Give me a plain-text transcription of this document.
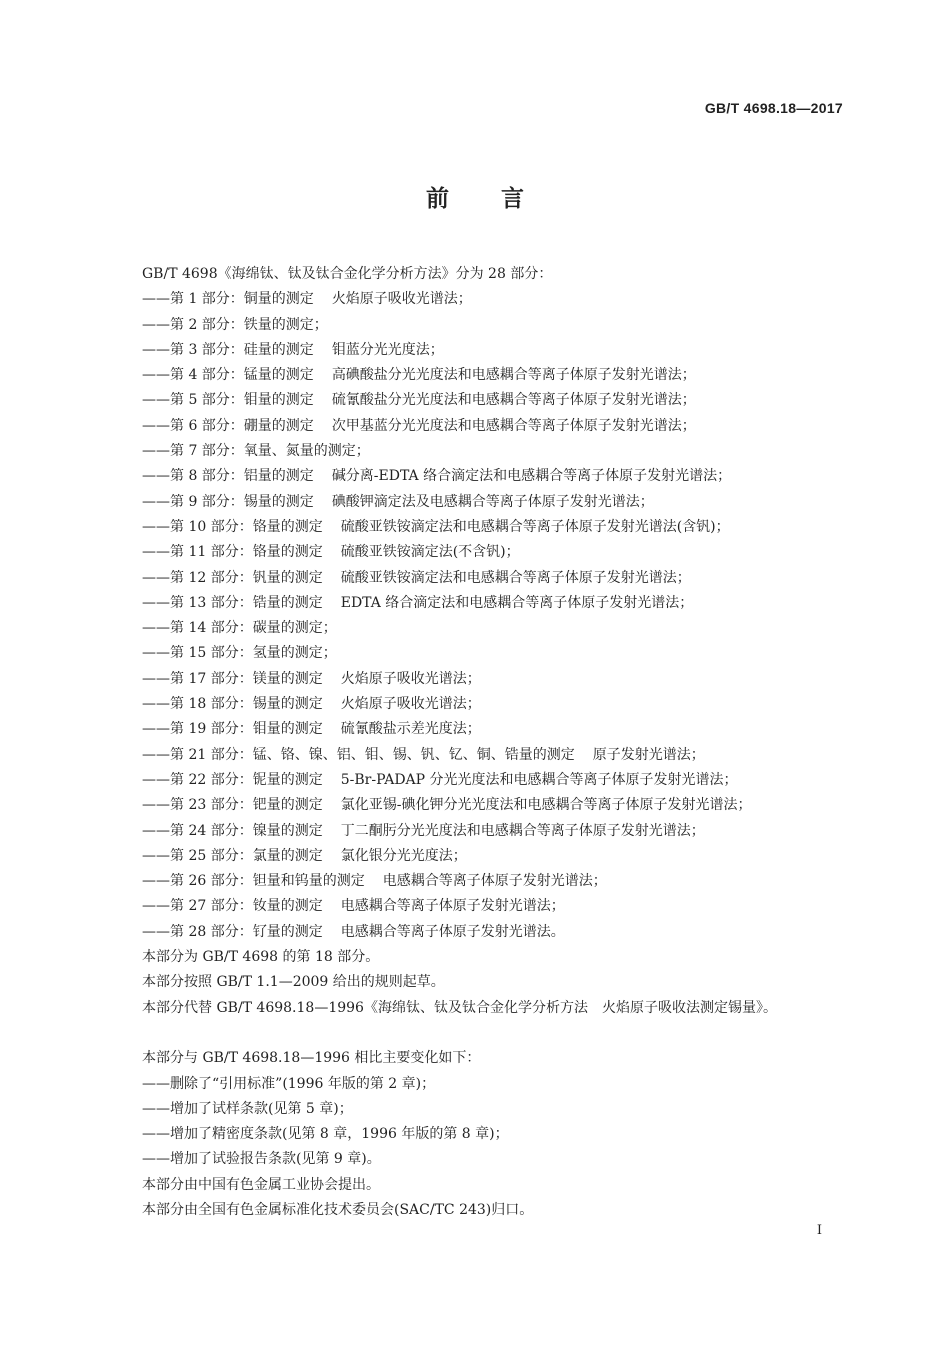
GB/T 4698.18—2017
前言
GB/T 4698《海绵钛、钛及钛合金化学分析方法》分为 28 部分：
——第 1 部分：铜量的测定 火焰原子吸收光谱法；
——第 2 部分：铁量的测定；
——第 3 部分：硅量的测定 钼蓝分光光度法；
——第 4 部分：锰量的测定 高碘酸盐分光光度法和电感耦合等离子体原子发射光谱法；
——第 5 部分：钼量的测定 硫氰酸盐分光光度法和电感耦合等离子体原子发射光谱法；
——第 6 部分：硼量的测定 次甲基蓝分光光度法和电感耦合等离子体原子发射光谱法；
——第 7 部分：氧量、氮量的测定；
——第 8 部分：铝量的测定 碱分离-EDTA 络合滴定法和电感耦合等离子体原子发射光谱法；
——第 9 部分：锡量的测定 碘酸钾滴定法及电感耦合等离子体原子发射光谱法；
——第 10 部分：铬量的测定 硫酸亚铁铵滴定法和电感耦合等离子体原子发射光谱法(含钒)；
——第 11 部分：铬量的测定 硫酸亚铁铵滴定法(不含钒)；
——第 12 部分：钒量的测定 硫酸亚铁铵滴定法和电感耦合等离子体原子发射光谱法；
——第 13 部分：锆量的测定 EDTA 络合滴定法和电感耦合等离子体原子发射光谱法；
——第 14 部分：碳量的测定；
——第 15 部分：氢量的测定；
——第 17 部分：镁量的测定 火焰原子吸收光谱法；
——第 18 部分：锡量的测定 火焰原子吸收光谱法；
——第 19 部分：钼量的测定 硫氰酸盐示差光度法；
——第 21 部分：锰、铬、镍、铝、钼、锡、钒、钇、铜、锆量的测定 原子发射光谱法；
——第 22 部分：铌量的测定 5-Br-PADAP 分光光度法和电感耦合等离子体原子发射光谱法；
——第 23 部分：钯量的测定 氯化亚锡-碘化钾分光光度法和电感耦合等离子体原子发射光谱法；
——第 24 部分：镍量的测定 丁二酮肟分光光度法和电感耦合等离子体原子发射光谱法；
——第 25 部分：氯量的测定 氯化银分光光度法；
——第 26 部分：钽量和钨量的测定 电感耦合等离子体原子发射光谱法；
——第 27 部分：钕量的测定 电感耦合等离子体原子发射光谱法；
——第 28 部分：钌量的测定 电感耦合等离子体原子发射光谱法。
本部分为 GB/T 4698 的第 18 部分。
本部分按照 GB/T 1.1—2009 给出的规则起草。
本部分代替 GB/T 4698.18—1996《海绵钛、钛及钛合金化学分析方法　火焰原子吸收法测定锡量》。
本部分与 GB/T 4698.18—1996 相比主要变化如下：
——删除了“引用标准”(1996 年版的第 2 章)；
——增加了试样条款(见第 5 章)；
——增加了精密度条款(见第 8 章，1996 年版的第 8 章)；
——增加了试验报告条款(见第 9 章)。
本部分由中国有色金属工业协会提出。
本部分由全国有色金属标准化技术委员会(SAC/TC 243)归口。
I
